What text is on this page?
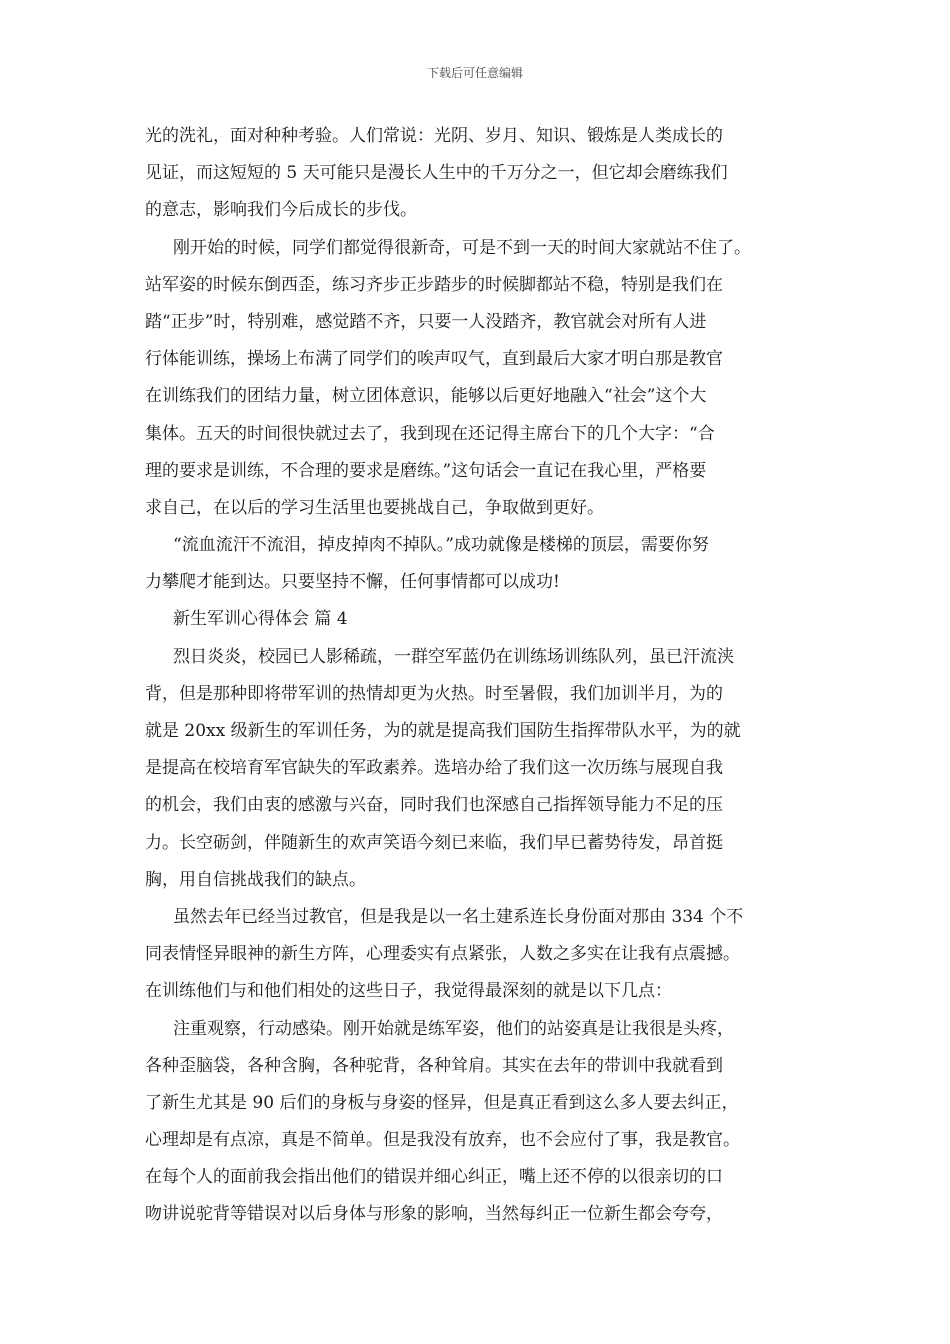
下载后可任意编辑
光的洗礼，面对种种考验。人们常说：光阴、岁月、知识、锻炼是人类成长的
见证，而这短短的 5 天可能只是漫长人生中的千万分之一，但它却会磨练我们
的意志，影响我们今后成长的步伐。
刚开始的时候，同学们都觉得很新奇，可是不到一天的时间大家就站不住了。
站军姿的时候东倒西歪，练习齐步正步踏步的时候脚都站不稳，特别是我们在
踏“正步”时，特别难，感觉踏不齐，只要一人没踏齐，教官就会对所有人进
行体能训练，操场上布满了同学们的唉声叹气，直到最后大家才明白那是教官
在训练我们的团结力量，树立团体意识，能够以后更好地融入“社会”这个大
集体。五天的时间很快就过去了，我到现在还记得主席台下的几个大字：“合
理的要求是训练，不合理的要求是磨练。”这句话会一直记在我心里，严格要
求自己，在以后的学习生活里也要挑战自己，争取做到更好。
“流血流汗不流泪，掉皮掉肉不掉队。”成功就像是楼梯的顶层，需要你努
力攀爬才能到达。只要坚持不懈，任何事情都可以成功!
新生军训心得体会 篇 4
烈日炎炎，校园已人影稀疏，一群空军蓝仍在训练场训练队列，虽已汗流浃
背，但是那种即将带军训的热情却更为火热。时至暑假，我们加训半月，为的
就是 20xx 级新生的军训任务，为的就是提高我们国防生指挥带队水平，为的就
是提高在校培育军官缺失的军政素养。选培办给了我们这一次历练与展现自我
的机会，我们由衷的感激与兴奋，同时我们也深感自己指挥领导能力不足的压
力。长空砺剑，伴随新生的欢声笑语今刻已来临，我们早已蓄势待发，昂首挺
胸，用自信挑战我们的缺点。
虽然去年已经当过教官，但是我是以一名土建系连长身份面对那由 334 个不
同表情怪异眼神的新生方阵，心理委实有点紧张，人数之多实在让我有点震撼。
在训练他们与和他们相处的这些日子，我觉得最深刻的就是以下几点：
注重观察，行动感染。刚开始就是练军姿，他们的站姿真是让我很是头疼，
各种歪脑袋，各种含胸，各种驼背，各种耸肩。其实在去年的带训中我就看到
了新生尤其是 90 后们的身板与身姿的怪异，但是真正看到这么多人要去纠正，
心理却是有点凉，真是不简单。但是我没有放弃，也不会应付了事，我是教官。
在每个人的面前我会指出他们的错误并细心纠正，嘴上还不停的以很亲切的口
吻讲说驼背等错误对以后身体与形象的影响，当然每纠正一位新生都会夸夸，
